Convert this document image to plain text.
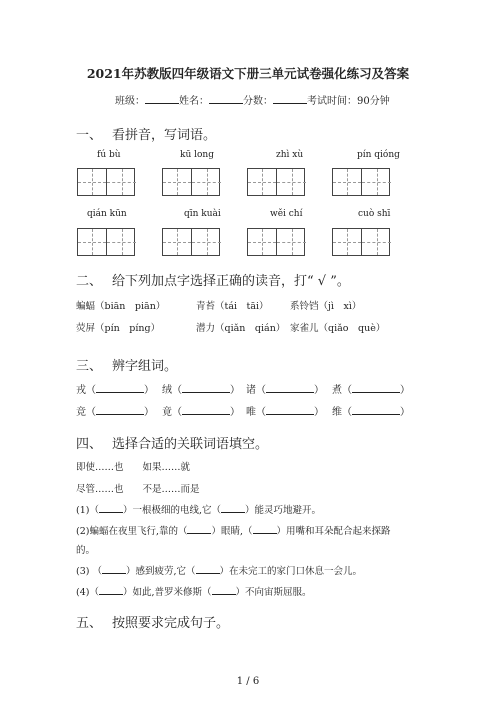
2021年苏教版四年级语文下册三单元试卷强化练习及答案
班级：	姓名：	分数：	考试时间：90分钟
一、 看拼音，写词语。
fú bù	kū long	zhì xù	pín qióng
qián kūn	qīn kuài	wěi chí	cuò shī
二、 给下列加点字选择正确的读音，打“ √ ”。
蝙蝠（biān　piān）	青苔（tái　tāi） 系铃铛（jì　xì）
荧屏（pín　píng）	潜力（qiǎn　qián） 家雀儿（qiǎo　què）
三、 辨字组词。
戎（	） 绒（	） 诸（	） 煮（	）
竞（	） 竟（	） 唯（	） 维（	）
四、 选择合适的关联词语填空。
即使……也　　如果……就
尽管……也　　不是……而是
(1)（	）一根极细的电线,它（	）能灵巧地避开。
(2)蝙蝠在夜里飞行,靠的（	）眼睛,（	）用嘴和耳朵配合起来探路
的。
(3) （	）感到疲劳,它（	）在未完工的家门口休息一会儿。
(4)（	）如此,普罗米修斯（	）不向宙斯屈服。
五、 按照要求完成句子。
1 / 6
